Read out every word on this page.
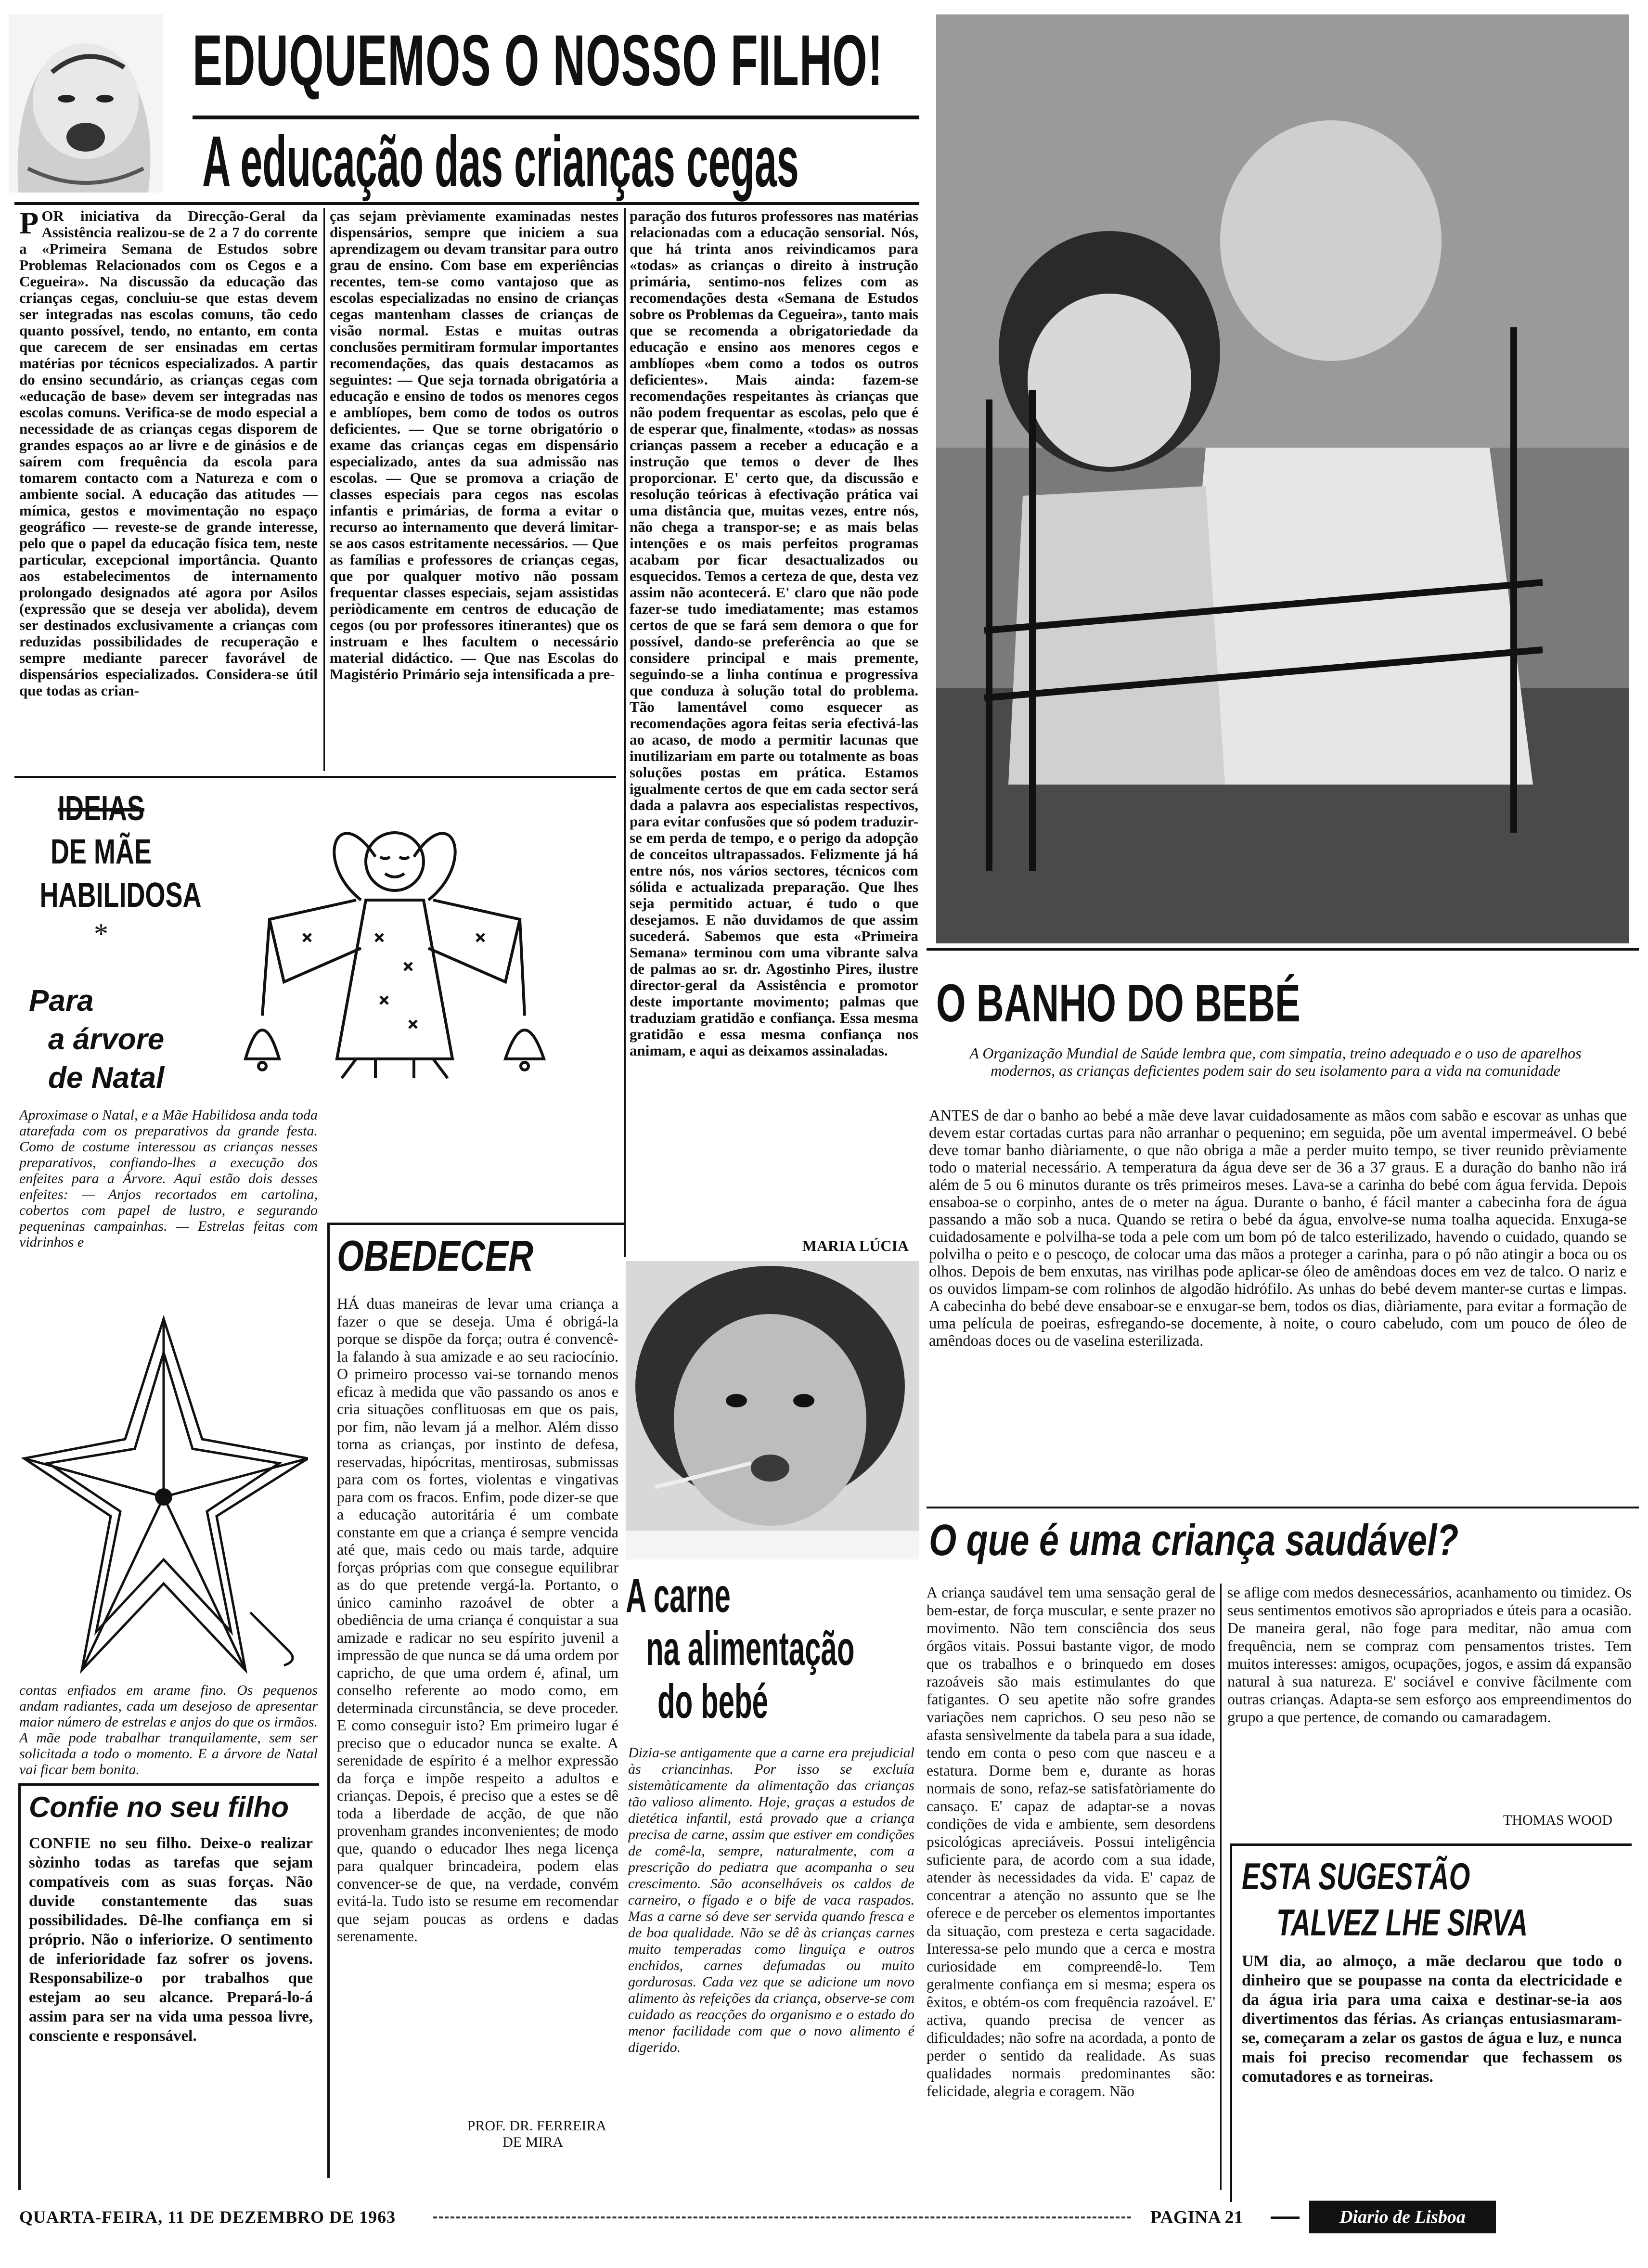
EDUQUEMOS O NOSSO FILHO!
A educação das crianças cegas
POR iniciativa da Direcção-Geral da Assistência realizou-se de 2 a 7 do corrente a «Primeira Semana de Estudos sobre Problemas Relacionados com os Cegos e a Cegueira». Na discussão da educação das crianças cegas, concluiu-se que estas devem ser integradas nas escolas comuns, tão cedo quanto possível, tendo, no entanto, em conta que carecem de ser ensinadas em certas matérias por técnicos especializados. A partir do ensino secundário, as crianças cegas com «educação de base» devem ser integradas nas escolas comuns. Verifica-se de modo especial a necessidade de as crianças cegas disporem de grandes espaços ao ar livre e de ginásios e de saírem com frequência da escola para tomarem contacto com a Natureza e com o ambiente social. A educação das atitudes — mímica, gestos e movimentação no espaço geográfico — reveste-se de grande interesse, pelo que o papel da educação física tem, neste particular, excepcional importância. Quanto aos estabelecimentos de internamento prolongado designados até agora por Asilos (expressão que se deseja ver abolida), devem ser destinados exclusivamente a crianças com reduzidas possibilidades de recuperação e sempre mediante parecer favorável de dispensários especializados. Considera-se útil que todas as crian-
ças sejam prèviamente examinadas nestes dispensários, sempre que iniciem a sua aprendizagem ou devam transitar para outro grau de ensino. Com base em experiências recentes, tem-se como vantajoso que as escolas especializadas no ensino de crianças cegas mantenham classes de crianças de visão normal. Estas e muitas outras conclusões permitiram formular importantes recomendações, das quais destacamos as seguintes: — Que seja tornada obrigatória a educação e ensino de todos os menores cegos e amblíopes, bem como de todos os outros deficientes. — Que se torne obrigatório o exame das crianças cegas em dispensário especializado, antes da sua admissão nas escolas. — Que se promova a criação de classes especiais para cegos nas escolas infantis e primárias, de forma a evitar o recurso ao internamento que deverá limitar-se aos casos estritamente necessários. — Que as famílias e professores de crianças cegas, que por qualquer motivo não possam frequentar classes especiais, sejam assistidas periòdicamente em centros de educação de cegos (ou por professores itinerantes) que os instruam e lhes facultem o necessário material didáctico. — Que nas Escolas do Magistério Primário seja intensificada a pre-
paração dos futuros professores nas matérias relacionadas com a educação sensorial. Nós, que há trinta anos reivindicamos para «todas» as crianças o direito à instrução primária, sentimo-nos felizes com as recomendações desta «Semana de Estudos sobre os Problemas da Cegueira», tanto mais que se recomenda a obrigatoriedade da educação e ensino aos menores cegos e amblíopes «bem como a todos os outros deficientes». Mais ainda: fazem-se recomendações respeitantes às crianças que não podem frequentar as escolas, pelo que é de esperar que, finalmente, «todas» as nossas crianças passem a receber a educação e a instrução que temos o dever de lhes proporcionar. E' certo que, da discussão e resolução teóricas à efectivação prática vai uma distância que, muitas vezes, entre nós, não chega a transpor-se; e as mais belas intenções e os mais perfeitos programas acabam por ficar desactualizados ou esquecidos. Temos a certeza de que, desta vez assim não acontecerá. E' claro que não pode fazer-se tudo imediatamente; mas estamos certos de que se fará sem demora o que for possível, dando-se preferência ao que se considere principal e mais premente, seguindo-se a linha contínua e progressiva que conduza à solução total do problema. Tão lamentável como esquecer as recomendações agora feitas seria efectivá-las ao acaso, de modo a permitir lacunas que inutilizariam em parte ou totalmente as boas soluções postas em prática. Estamos igualmente certos de que em cada sector será dada a palavra aos especialistas respectivos, para evitar confusões que só podem traduzir-se em perda de tempo, e o perigo da adopção de conceitos ultrapassados. Felizmente já há entre nós, nos vários sectores, técnicos com sólida e actualizada preparação. Que lhes seja permitido actuar, é tudo o que desejamos. E não duvidamos de que assim sucederá. Sabemos que esta «Primeira Semana» terminou com uma vibrante salva de palmas ao sr. dr. Agostinho Pires, ilustre director-geral da Assistência e promotor deste importante movimento; palmas que traduziam gratidão e confiança. Essa mesma gratidão e essa mesma confiança nos animam, e aqui as deixamos assinaladas.
MARIA LÚCIA
IDEIAS
DE MÃE
HABILIDOSA
*
Para
a árvore
de Natal
Aproximase o Natal, e a Mãe Habilidosa anda toda atarefada com os preparativos da grande festa. Como de costume interessou as crianças nesses preparativos, confiando-lhes a execução dos enfeites para a Árvore. Aqui estão dois desses enfeites: — Anjos recortados em cartolina, cobertos com papel de lustro, e segurando pequeninas campainhas. — Estrelas feitas com vidrinhos e
contas enfiados em arame fino. Os pequenos andam radiantes, cada um desejoso de apresentar maior número de estrelas e anjos do que os irmãos. A mãe pode trabalhar tranquilamente, sem ser solicitada a todo o momento. E a árvore de Natal vai ficar bem bonita.
Confie no seu filho
CONFIE no seu filho. Deixe-o realizar sòzinho todas as tarefas que sejam compatíveis com as suas forças. Não duvide constantemente das suas possibilidades. Dê-lhe confiança em si próprio. Não o inferiorize. O sentimento de inferioridade faz sofrer os jovens. Responsabilize-o por trabalhos que estejam ao seu alcance. Prepará-lo-á assim para ser na vida uma pessoa livre, consciente e responsável.
OBEDECER
HÁ duas maneiras de levar uma criança a fazer o que se deseja. Uma é obrigá-la porque se dispõe da força; outra é convencê-la falando à sua amizade e ao seu raciocínio. O primeiro processo vai-se tornando menos eficaz à medida que vão passando os anos e cria situações conflituosas em que os pais, por fim, não levam já a melhor. Além disso torna as crianças, por instinto de defesa, reservadas, hipócritas, mentirosas, submissas para com os fortes, violentas e vingativas para com os fracos. Enfim, pode dizer-se que a educação autoritária é um combate constante em que a criança é sempre vencida até que, mais cedo ou mais tarde, adquire forças próprias com que consegue equilibrar as do que pretende vergá-la. Portanto, o único caminho razoável de obter a obediência de uma criança é conquistar a sua amizade e radicar no seu espírito juvenil a impressão de que nunca se dá uma ordem por capricho, de que uma ordem é, afinal, um conselho referente ao modo como, em determinada circunstância, se deve proceder. E como conseguir isto? Em primeiro lugar é preciso que o educador nunca se exalte. A serenidade de espírito é a melhor expressão da força e impõe respeito a adultos e crianças. Depois, é preciso que a estes se dê toda a liberdade de acção, de que não provenham grandes inconvenientes; de modo que, quando o educador lhes nega licença para qualquer brincadeira, podem elas convencer-se de que, na verdade, convém evitá-la. Tudo isto se resume em recomendar que sejam poucas as ordens e dadas serenamente.
PROF. DR. FERREIRA
DE MIRA
A carne
na alimentação
do bebé
Dizia-se antigamente que a carne era prejudicial às criancinhas. Por isso se excluía sistemàticamente da alimentação das crianças tão valioso alimento. Hoje, graças a estudos de dietética infantil, está provado que a criança precisa de carne, assim que estiver em condições de comê-la, sempre, naturalmente, com a prescrição do pediatra que acompanha o seu crescimento. São aconselháveis os caldos de carneiro, o fígado e o bife de vaca raspados. Mas a carne só deve ser servida quando fresca e de boa qualidade. Não se dê às crianças carnes muito temperadas como linguiça e outros enchidos, carnes defumadas ou muito gordurosas. Cada vez que se adicione um novo alimento às refeições da criança, observe-se com cuidado as reacções do organismo e o estado do menor facilidade com que o novo alimento é digerido.
O BANHO DO BEBÉ
A Organização Mundial de Saúde lembra que, com simpatia, treino adequado e o uso de aparelhos modernos, as crianças deficientes podem sair do seu isolamento para a vida na comunidade
ANTES de dar o banho ao bebé a mãe deve lavar cuidadosamente as mãos com sabão e escovar as unhas que devem estar cortadas curtas para não arranhar o pequenino; em seguida, põe um avental impermeável. O bebé deve tomar banho diàriamente, o que não obriga a mãe a perder muito tempo, se tiver reunido prèviamente todo o material necessário. A temperatura da água deve ser de 36 a 37 graus. E a duração do banho não irá além de 5 ou 6 minutos durante os três primeiros meses. Lava-se a carinha do bebé com água fervida. Depois ensaboa-se o corpinho, antes de o meter na água. Durante o banho, é fácil manter a cabecinha fora de água passando a mão sob a nuca. Quando se retira o bebé da água, envolve-se numa toalha aquecida. Enxuga-se cuidadosamente e polvilha-se toda a pele com um bom pó de talco esterilizado, havendo o cuidado, quando se polvilha o peito e o pescoço, de colocar uma das mãos a proteger a carinha, para o pó não atingir a boca ou os olhos. Depois de bem enxutas, nas virilhas pode aplicar-se óleo de amêndoas doces em vez de talco. O nariz e os ouvidos limpam-se com rolinhos de algodão hidrófilo. As unhas do bebé devem manter-se curtas e limpas. A cabecinha do bebé deve ensaboar-se e enxugar-se bem, todos os dias, diàriamente, para evitar a formação de uma película de poeiras, esfregando-se docemente, à noite, o couro cabeludo, com um pouco de óleo de amêndoas doces ou de vaselina esterilizada.
O que é uma criança saudável?
A criança saudável tem uma sensação geral de bem-estar, de força muscular, e sente prazer no movimento. Não tem consciência dos seus órgãos vitais. Possui bastante vigor, de modo que os trabalhos e o brinquedo em doses razoáveis são mais estimulantes do que fatigantes. O seu apetite não sofre grandes variações nem caprichos. O seu peso não se afasta sensìvelmente da tabela para a sua idade, tendo em conta o peso com que nasceu e a estatura. Dorme bem e, durante as horas normais de sono, refaz-se satisfatòriamente do cansaço. E' capaz de adaptar-se a novas condições de vida e ambiente, sem desordens psicológicas apreciáveis. Possui inteligência suficiente para, de acordo com a sua idade, atender às necessidades da vida. E' capaz de concentrar a atenção no assunto que se lhe oferece e de perceber os elementos importantes da situação, com presteza e certa sagacidade. Interessa-se pelo mundo que a cerca e mostra curiosidade em compreendê-lo. Tem geralmente confiança em si mesma; espera os êxitos, e obtém-os com frequência razoável. E' activa, quando precisa de vencer as dificuldades; não sofre na acordada, a ponto de perder o sentido da realidade. As suas qualidades normais predominantes são: felicidade, alegria e coragem. Não
se aflige com medos desnecessários, acanhamento ou timidez. Os seus sentimentos emotivos são apropriados e úteis para a ocasião. De maneira geral, não foge para meditar, não amua com frequência, nem se compraz com pensamentos tristes. Tem muitos interesses: amigos, ocupações, jogos, e assim dá expansão natural à sua natureza. E' sociável e convive fàcilmente com outras crianças. Adapta-se sem esforço aos empreendimentos do grupo a que pertence, de comando ou camaradagem.
THOMAS WOOD
ESTA SUGESTÃO
TALVEZ LHE SIRVA
UM dia, ao almoço, a mãe declarou que todo o dinheiro que se poupasse na conta da electricidade e da água iria para uma caixa e destinar-se-ia aos divertimentos das férias. As crianças entusiasmaram-se, começaram a zelar os gastos de água e luz, e nunca mais foi preciso recomendar que fechassem os comutadores e as torneiras.
QUARTA-FEIRA, 11 DE DEZEMBRO DE 1963	PAGINA 21	Diario de Lisboa
